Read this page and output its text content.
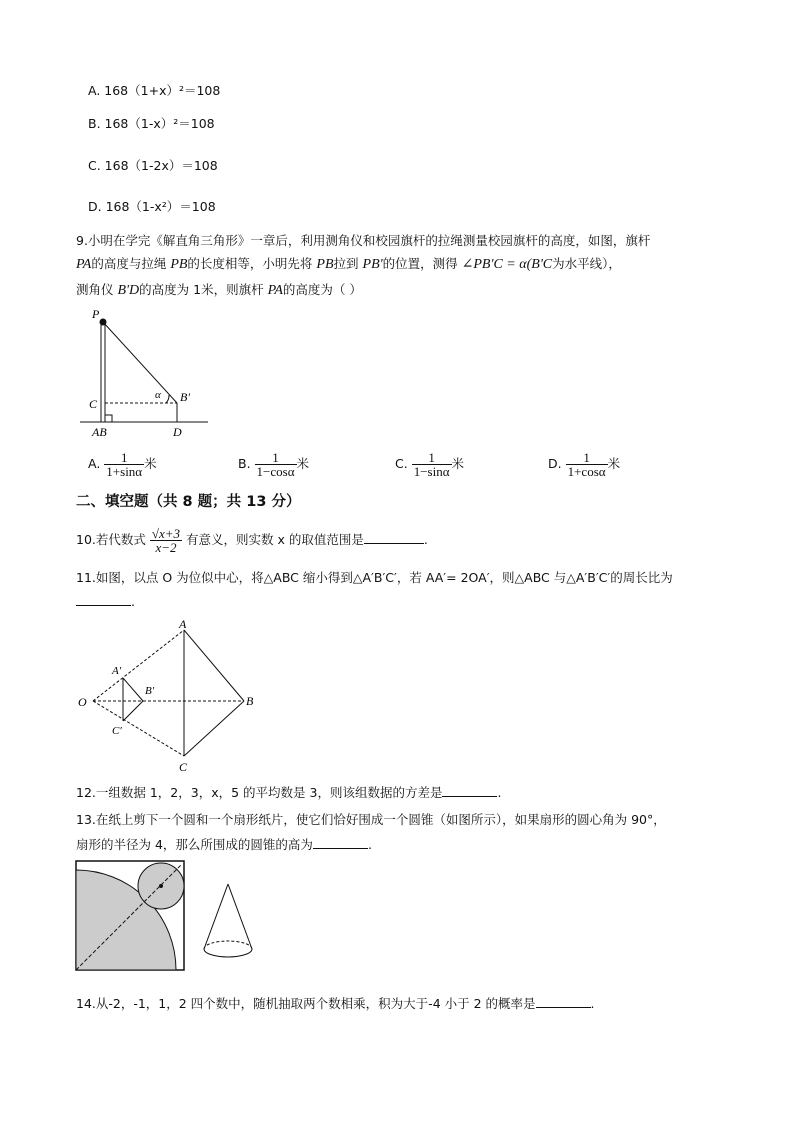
A. 168（1+x）²＝108
B. 168（1-x）²＝108
C. 168（1-2x）＝108
D. 168（1-x²）＝108
9.小明在学完《解直角三角形》一章后，利用测角仪和校园旗杆的拉绳测量校园旗杆的高度，如图，旗杆
PA的高度与拉绳 PB的长度相等，小明先将 PB拉到 PB'的位置，测得 ∠PB'C = α(B'C为水平线），
测角仪 B'D的高度为 1米，则旗杆 PA的高度为（ ）
P
C
AB	D
B'
α
A. $\frac{1}{1+\sin\alpha}$ 米	B. $\frac{1}{1-\cos\alpha}$ 米	C. $\frac{1}{1-\sin\alpha}$ 米	D. $\frac{1}{1+\cos\alpha}$ 米
二、填空题（共 8 题；共 13 分）
10.若代数式 $\frac{√x+3}{x-2}$ 有意义，则实数 x 的取值范围是	.
11.如图，以点 O 为位似中心，将△ABC 缩小得到△A′B′C′，若 AA′= 2OA′，则△ABC 与△A′B′C′的周长比为
.
A
B
C
O
A′
B′
C′
12.一组数据 1，2，3，x，5 的平均数是 3，则该组数据的方差是	.
13.在纸上剪下一个圆和一个扇形纸片，使它们恰好围成一个圆锥（如图所示），如果扇形的圆心角为 90°，
扇形的半径为 4，那么所围成的圆锥的高为	.
14.从-2，-1，1，2 四个数中，随机抽取两个数相乘，积为大于-4 小于 2 的概率是	.
